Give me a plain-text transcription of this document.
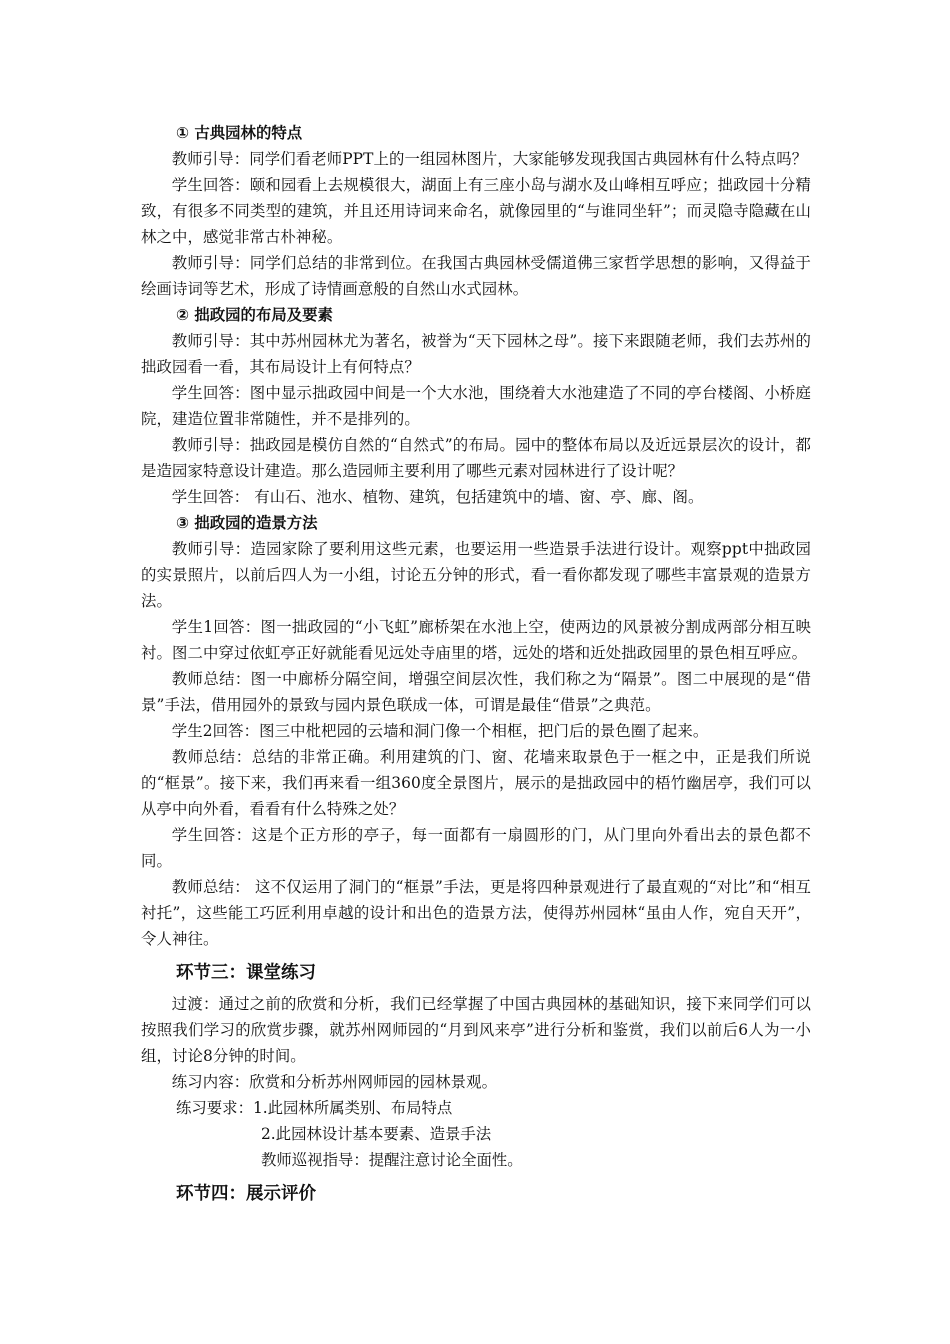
① 古典园林的特点

教师引导：同学们看老师PPT上的一组园林图片，大家能够发现我国古典园林有什么特点吗？

学生回答：颐和园看上去规模很大，湖面上有三座小岛与湖水及山峰相互呼应；拙政园十分精致，有很多不同类型的建筑，并且还用诗词来命名，就像园里的“与谁同坐轩”；而灵隐寺隐藏在山林之中，感觉非常古朴神秘。

教师引导：同学们总结的非常到位。在我国古典园林受儒道佛三家哲学思想的影响，又得益于绘画诗词等艺术，形成了诗情画意般的自然山水式园林。

② 拙政园的布局及要素

教师引导：其中苏州园林尤为著名，被誉为“天下园林之母”。接下来跟随老师，我们去苏州的拙政园看一看，其布局设计上有何特点？

学生回答：图中显示拙政园中间是一个大水池，围绕着大水池建造了不同的亭台楼阁、小桥庭院，建造位置非常随性，并不是排列的。

教师引导：拙政园是模仿自然的“自然式”的布局。园中的整体布局以及近远景层次的设计，都是造园家特意设计建造。那么造园师主要利用了哪些元素对园林进行了设计呢？

学生回答： 有山石、池水、植物、建筑，包括建筑中的墙、窗、亭、廊、阁。

③ 拙政园的造景方法

教师引导：造园家除了要利用这些元素，也要运用一些造景手法进行设计。观察ppt中拙政园的实景照片，以前后四人为一小组，讨论五分钟的形式，看一看你都发现了哪些丰富景观的造景方法。

学生1回答：图一拙政园的“小飞虹”廊桥架在水池上空，使两边的风景被分割成两部分相互映衬。图二中穿过依虹亭正好就能看见远处寺庙里的塔，远处的塔和近处拙政园里的景色相互呼应。

教师总结：图一中廊桥分隔空间，增强空间层次性，我们称之为“隔景”。图二中展现的是“借景”手法，借用园外的景致与园内景色联成一体，可谓是最佳“借景”之典范。

学生2回答：图三中枇杷园的云墙和洞门像一个相框，把门后的景色圈了起来。

教师总结：总结的非常正确。利用建筑的门、窗、花墙来取景色于一框之中，正是我们所说的“框景”。接下来，我们再来看一组360度全景图片，展示的是拙政园中的梧竹幽居亭，我们可以从亭中向外看，看看有什么特殊之处？

学生回答：这是个正方形的亭子，每一面都有一扇圆形的门，从门里向外看出去的景色都不同。

教师总结： 这不仅运用了洞门的“框景”手法，更是将四种景观进行了最直观的“对比”和“相互衬托”，这些能工巧匠利用卓越的设计和出色的造景方法，使得苏州园林“虽由人作，宛自天开”，令人神往。

环节三：课堂练习

过渡：通过之前的欣赏和分析，我们已经掌握了中国古典园林的基础知识，接下来同学们可以按照我们学习的欣赏步骤，就苏州网师园的“月到风来亭”进行分析和鉴赏，我们以前后6人为一小组，讨论8分钟的时间。

练习内容：欣赏和分析苏州网师园的园林景观。

练习要求：1.此园林所属类别、布局特点

2.此园林设计基本要素、造景手法

教师巡视指导：提醒注意讨论全面性。

环节四：展示评价
